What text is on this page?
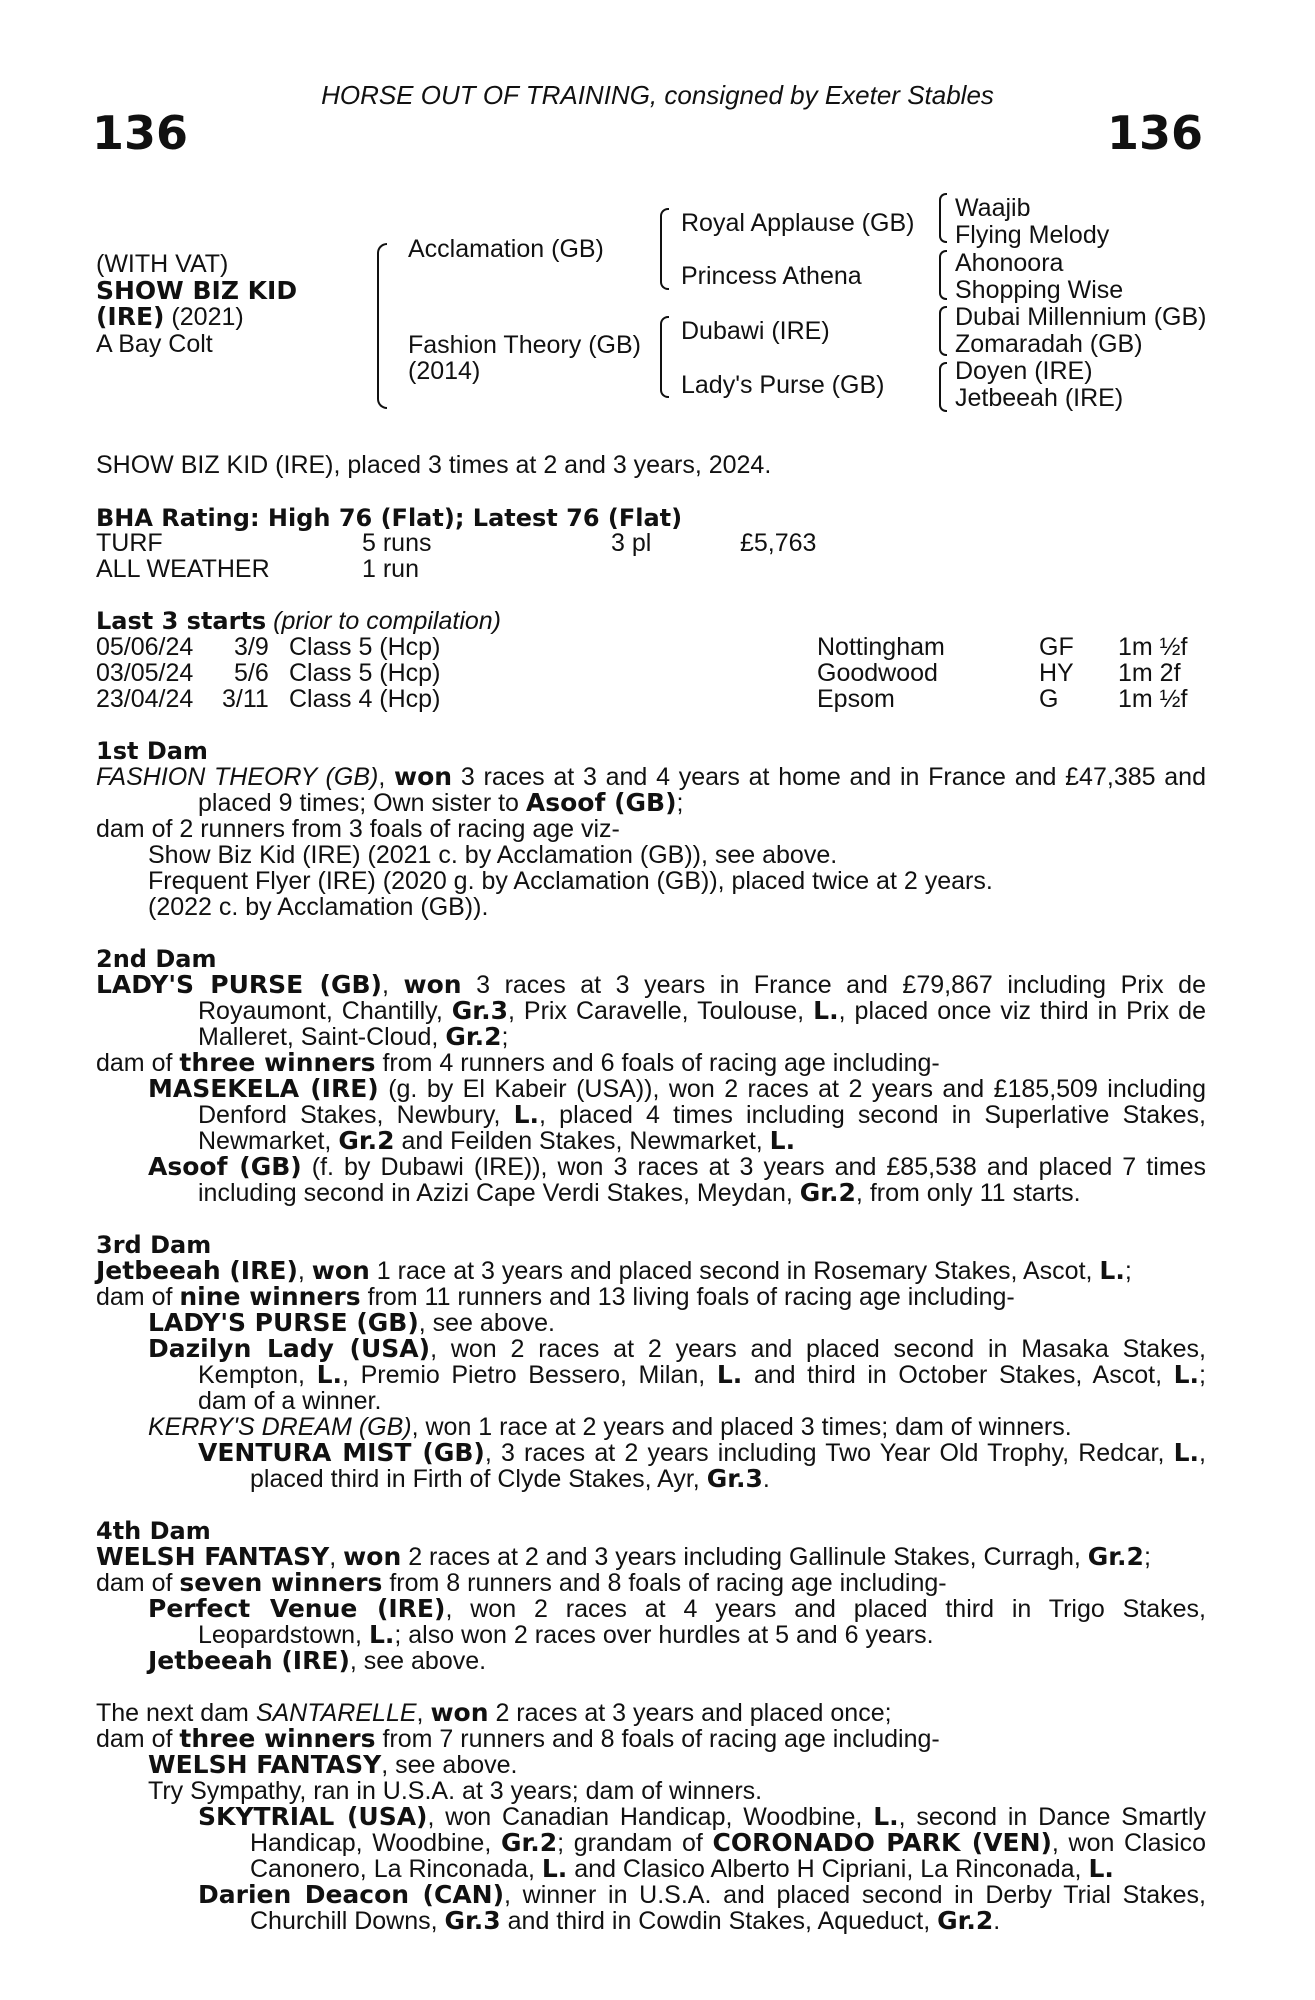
HORSE OUT OF TRAINING, consigned by Exeter Stables
136	136
(WITH VAT)
SHOW BIZ KID
(IRE) (2021)
A Bay Colt
Acclamation (GB)
Fashion Theory (GB)
(2014)
Royal Applause (GB)
Princess Athena
Dubawi (IRE)
Lady's Purse (GB)
Waajib
Flying Melody
Ahonoora
Shopping Wise
Dubai Millennium (GB)
Zomaradah (GB)
Doyen (IRE)
Jetbeeah (IRE)
SHOW BIZ KID (IRE), placed 3 times at 2 and 3 years, 2024.
BHA Rating: High 76 (Flat); Latest 76 (Flat)
TURF	5 runs	3 pl	£5,763
ALL WEATHER	1 run
Last 3 starts (prior to compilation)
05/06/24 3/9 Class 5 (Hcp)	Nottingham	GF 1m ½f
03/05/24 5/6 Class 5 (Hcp)	Goodwood	HY 1m 2f
23/04/24 3/11 Class 4 (Hcp)	Epsom	G 1m ½f
1st Dam
FASHION THEORY (GB), won 3 races at 3 and 4 years at home and in France and £47,385 and
placed 9 times; Own sister to Asoof (GB);
dam of 2 runners from 3 foals of racing age viz-
Show Biz Kid (IRE) (2021 c. by Acclamation (GB)), see above.
Frequent Flyer (IRE) (2020 g. by Acclamation (GB)), placed twice at 2 years.
(2022 c. by Acclamation (GB)).
2nd Dam
LADY'S PURSE (GB), won 3 races at 3 years in France and £79,867 including Prix de
Royaumont, Chantilly, Gr.3, Prix Caravelle, Toulouse, L., placed once viz third in Prix de
Malleret, Saint-Cloud, Gr.2;
dam of three winners from 4 runners and 6 foals of racing age including-
MASEKELA (IRE) (g. by El Kabeir (USA)), won 2 races at 2 years and £185,509 including
Denford Stakes, Newbury, L., placed 4 times including second in Superlative Stakes,
Newmarket, Gr.2 and Feilden Stakes, Newmarket, L.
Asoof (GB) (f. by Dubawi (IRE)), won 3 races at 3 years and £85,538 and placed 7 times
including second in Azizi Cape Verdi Stakes, Meydan, Gr.2, from only 11 starts.
3rd Dam
Jetbeeah (IRE), won 1 race at 3 years and placed second in Rosemary Stakes, Ascot, L.;
dam of nine winners from 11 runners and 13 living foals of racing age including-
LADY'S PURSE (GB), see above.
Dazilyn Lady (USA), won 2 races at 2 years and placed second in Masaka Stakes,
Kempton, L., Premio Pietro Bessero, Milan, L. and third in October Stakes, Ascot, L.;
dam of a winner.
KERRY'S DREAM (GB), won 1 race at 2 years and placed 3 times; dam of winners.
VENTURA MIST (GB), 3 races at 2 years including Two Year Old Trophy, Redcar, L.,
placed third in Firth of Clyde Stakes, Ayr, Gr.3.
4th Dam
WELSH FANTASY, won 2 races at 2 and 3 years including Gallinule Stakes, Curragh, Gr.2;
dam of seven winners from 8 runners and 8 foals of racing age including-
Perfect Venue (IRE), won 2 races at 4 years and placed third in Trigo Stakes,
Leopardstown, L.; also won 2 races over hurdles at 5 and 6 years.
Jetbeeah (IRE), see above.
The next dam SANTARELLE, won 2 races at 3 years and placed once;
dam of three winners from 7 runners and 8 foals of racing age including-
WELSH FANTASY, see above.
Try Sympathy, ran in U.S.A. at 3 years; dam of winners.
SKYTRIAL (USA), won Canadian Handicap, Woodbine, L., second in Dance Smartly
Handicap, Woodbine, Gr.2; grandam of CORONADO PARK (VEN), won Clasico
Canonero, La Rinconada, L. and Clasico Alberto H Cipriani, La Rinconada, L.
Darien Deacon (CAN), winner in U.S.A. and placed second in Derby Trial Stakes,
Churchill Downs, Gr.3 and third in Cowdin Stakes, Aqueduct, Gr.2.
